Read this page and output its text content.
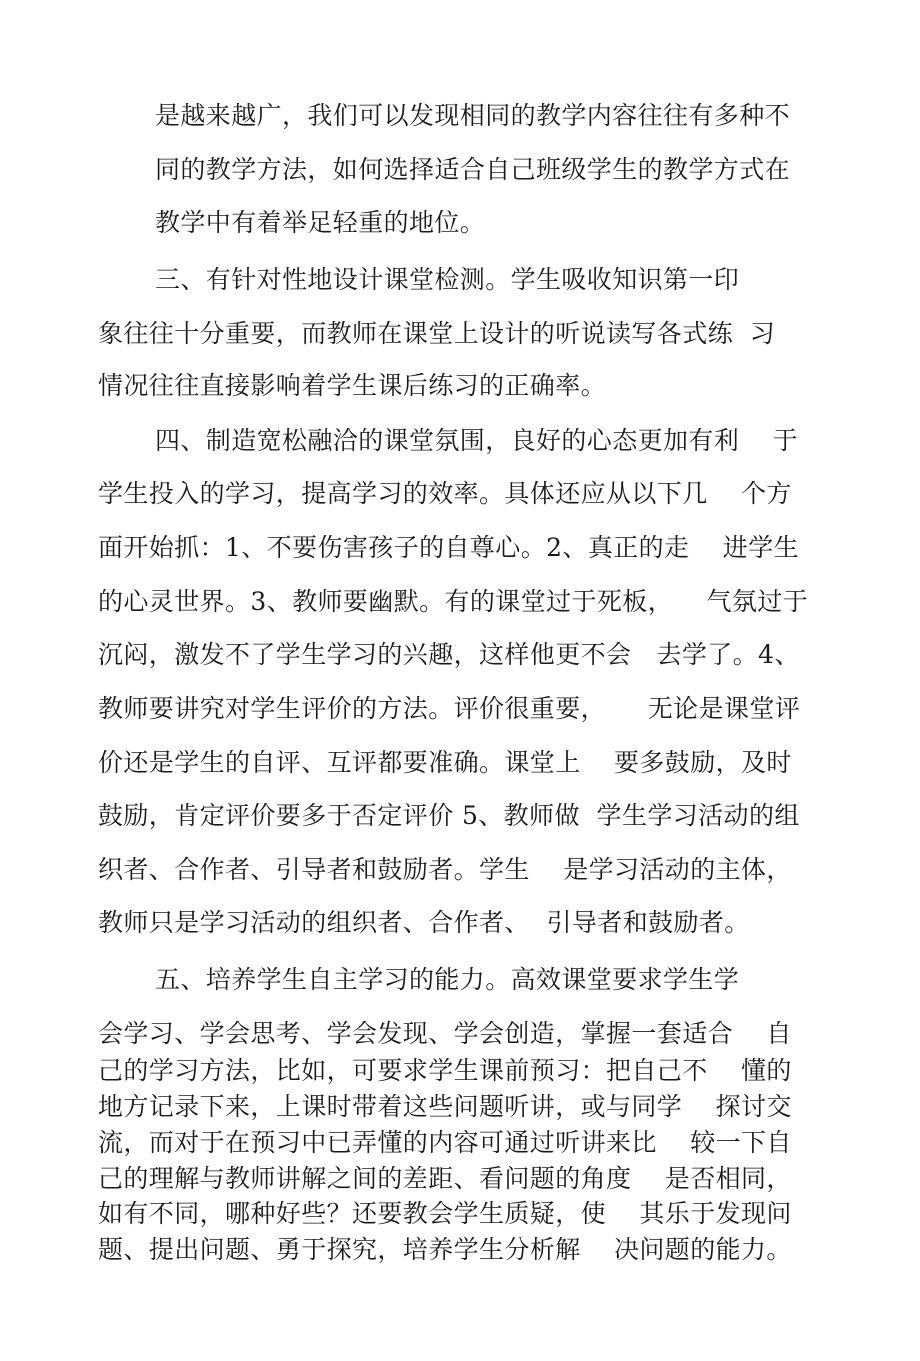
是越来越广，我们可以发现相同的教学内容往往有多种不
同的教学方法，如何选择适合自己班级学生的教学方式在
教学中有着举足轻重的地位。
三、有针对性地设计课堂检测。学生吸收知识第一印
象往往十分重要，而教师在课堂上设计的听说读写各式练  习
情况往往直接影响着学生课后练习的正确率。
四、制造宽松融洽的课堂氛围，良好的心态更加有利    于
学生投入的学习，提高学习的效率。具体还应从以下几    个方
面开始抓：1、不要伤害孩子的自尊心。2、真正的走    进学生
的心灵世界。3、教师要幽默。有的课堂过于死板，    气氛过于
沉闷，激发不了学生学习的兴趣，这样他更不会   去学了。4、
教师要讲究对学生评价的方法。评价很重要，     无论是课堂评
价还是学生的自评、互评都要准确。课堂上    要多鼓励，及时
鼓励，肯定评价要多于否定评价 5、教师做  学生学习活动的组
织者、合作者、引导者和鼓励者。学生    是学习活动的主体，
教师只是学习活动的组织者、合作者、  引导者和鼓励者。
五、培养学生自主学习的能力。高效课堂要求学生学
会学习、学会思考、学会发现、学会创造，掌握一套适合    自
己的学习方法，比如，可要求学生课前预习：把自己不    懂的
地方记录下来，上课时带着这些问题听讲，或与同学    探讨交
流，而对于在预习中已弄懂的内容可通过听讲来比    较一下自
己的理解与教师讲解之间的差距、看问题的角度    是否相同，
如有不同，哪种好些？还要教会学生质疑，使    其乐于发现问
题、提出问题、勇于探究，培养学生分析解    决问题的能力。
